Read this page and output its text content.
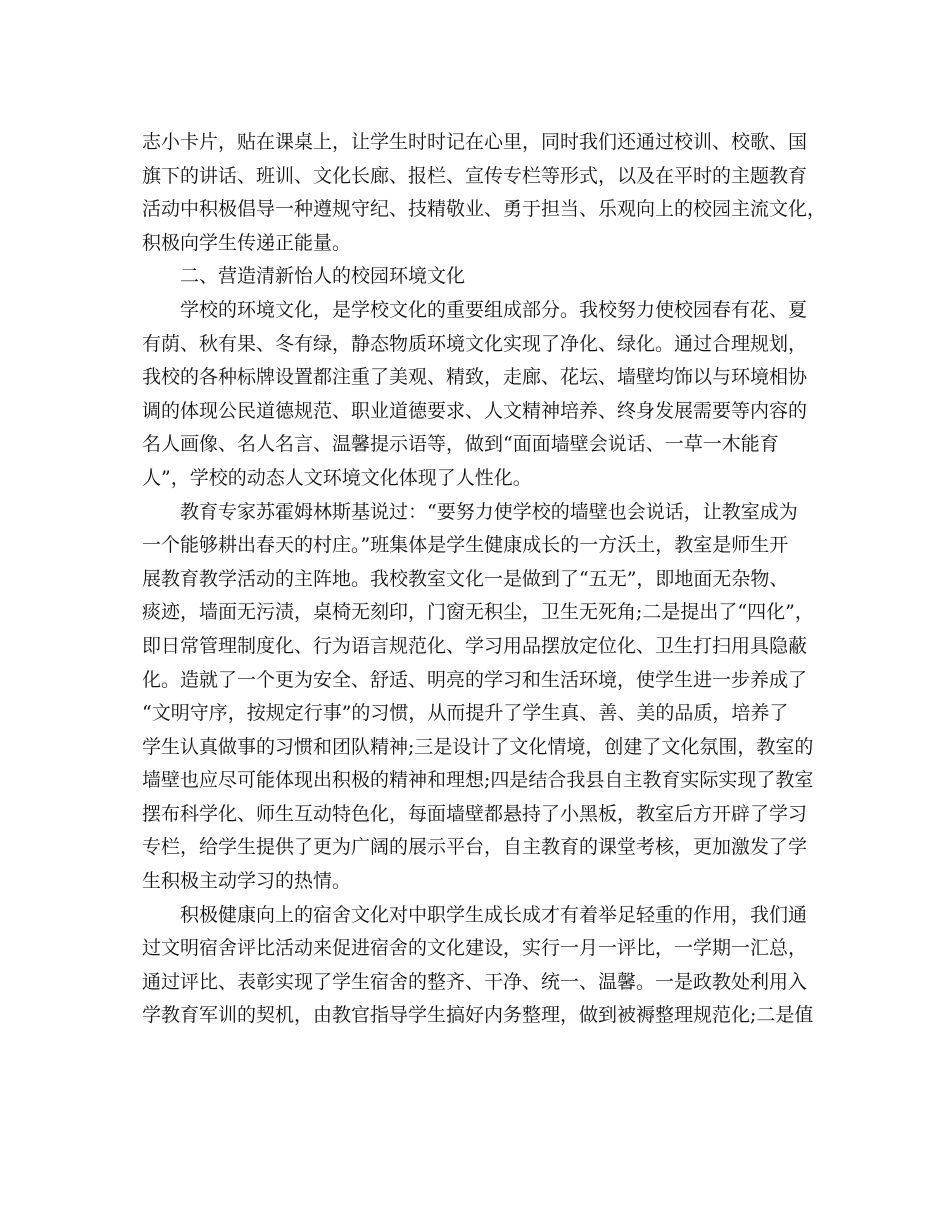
志小卡片，贴在课桌上，让学生时时记在心里，同时我们还通过校训、校歌、国
旗下的讲话、班训、文化长廊、报栏、宣传专栏等形式，以及在平时的主题教育
活动中积极倡导一种遵规守纪、技精敬业、勇于担当、乐观向上的校园主流文化，
积极向学生传递正能量。
二、营造清新怡人的校园环境文化
学校的环境文化，是学校文化的重要组成部分。我校努力使校园春有花、夏
有荫、秋有果、冬有绿，静态物质环境文化实现了净化、绿化。通过合理规划，
我校的各种标牌设置都注重了美观、精致，走廊、花坛、墙壁均饰以与环境相协
调的体现公民道德规范、职业道德要求、人文精神培养、终身发展需要等内容的
名人画像、名人名言、温馨提示语等，做到“面面墙壁会说话、一草一木能育
人”，学校的动态人文环境文化体现了人性化。
教育专家苏霍姆林斯基说过：“要努力使学校的墙壁也会说话，让教室成为
一个能够耕出春天的村庄。”班集体是学生健康成长的一方沃土，教室是师生开
展教育教学活动的主阵地。我校教室文化一是做到了“五无”，即地面无杂物、
痰迹，墙面无污渍，桌椅无刻印，门窗无积尘，卫生无死角;二是提出了“四化”，
即日常管理制度化、行为语言规范化、学习用品摆放定位化、卫生打扫用具隐蔽
化。造就了一个更为安全、舒适、明亮的学习和生活环境，使学生进一步养成了
“文明守序，按规定行事”的习惯，从而提升了学生真、善、美的品质，培养了
学生认真做事的习惯和团队精神;三是设计了文化情境，创建了文化氛围，教室的
墙壁也应尽可能体现出积极的精神和理想;四是结合我县自主教育实际实现了教室
摆布科学化、师生互动特色化，每面墙壁都悬持了小黑板，教室后方开辟了学习
专栏，给学生提供了更为广阔的展示平台，自主教育的课堂考核，更加激发了学
生积极主动学习的热情。
积极健康向上的宿舍文化对中职学生成长成才有着举足轻重的作用，我们通
过文明宿舍评比活动来促进宿舍的文化建设，实行一月一评比，一学期一汇总，
通过评比、表彰实现了学生宿舍的整齐、干净、统一、温馨。一是政教处利用入
学教育军训的契机，由教官指导学生搞好内务整理，做到被褥整理规范化;二是值
